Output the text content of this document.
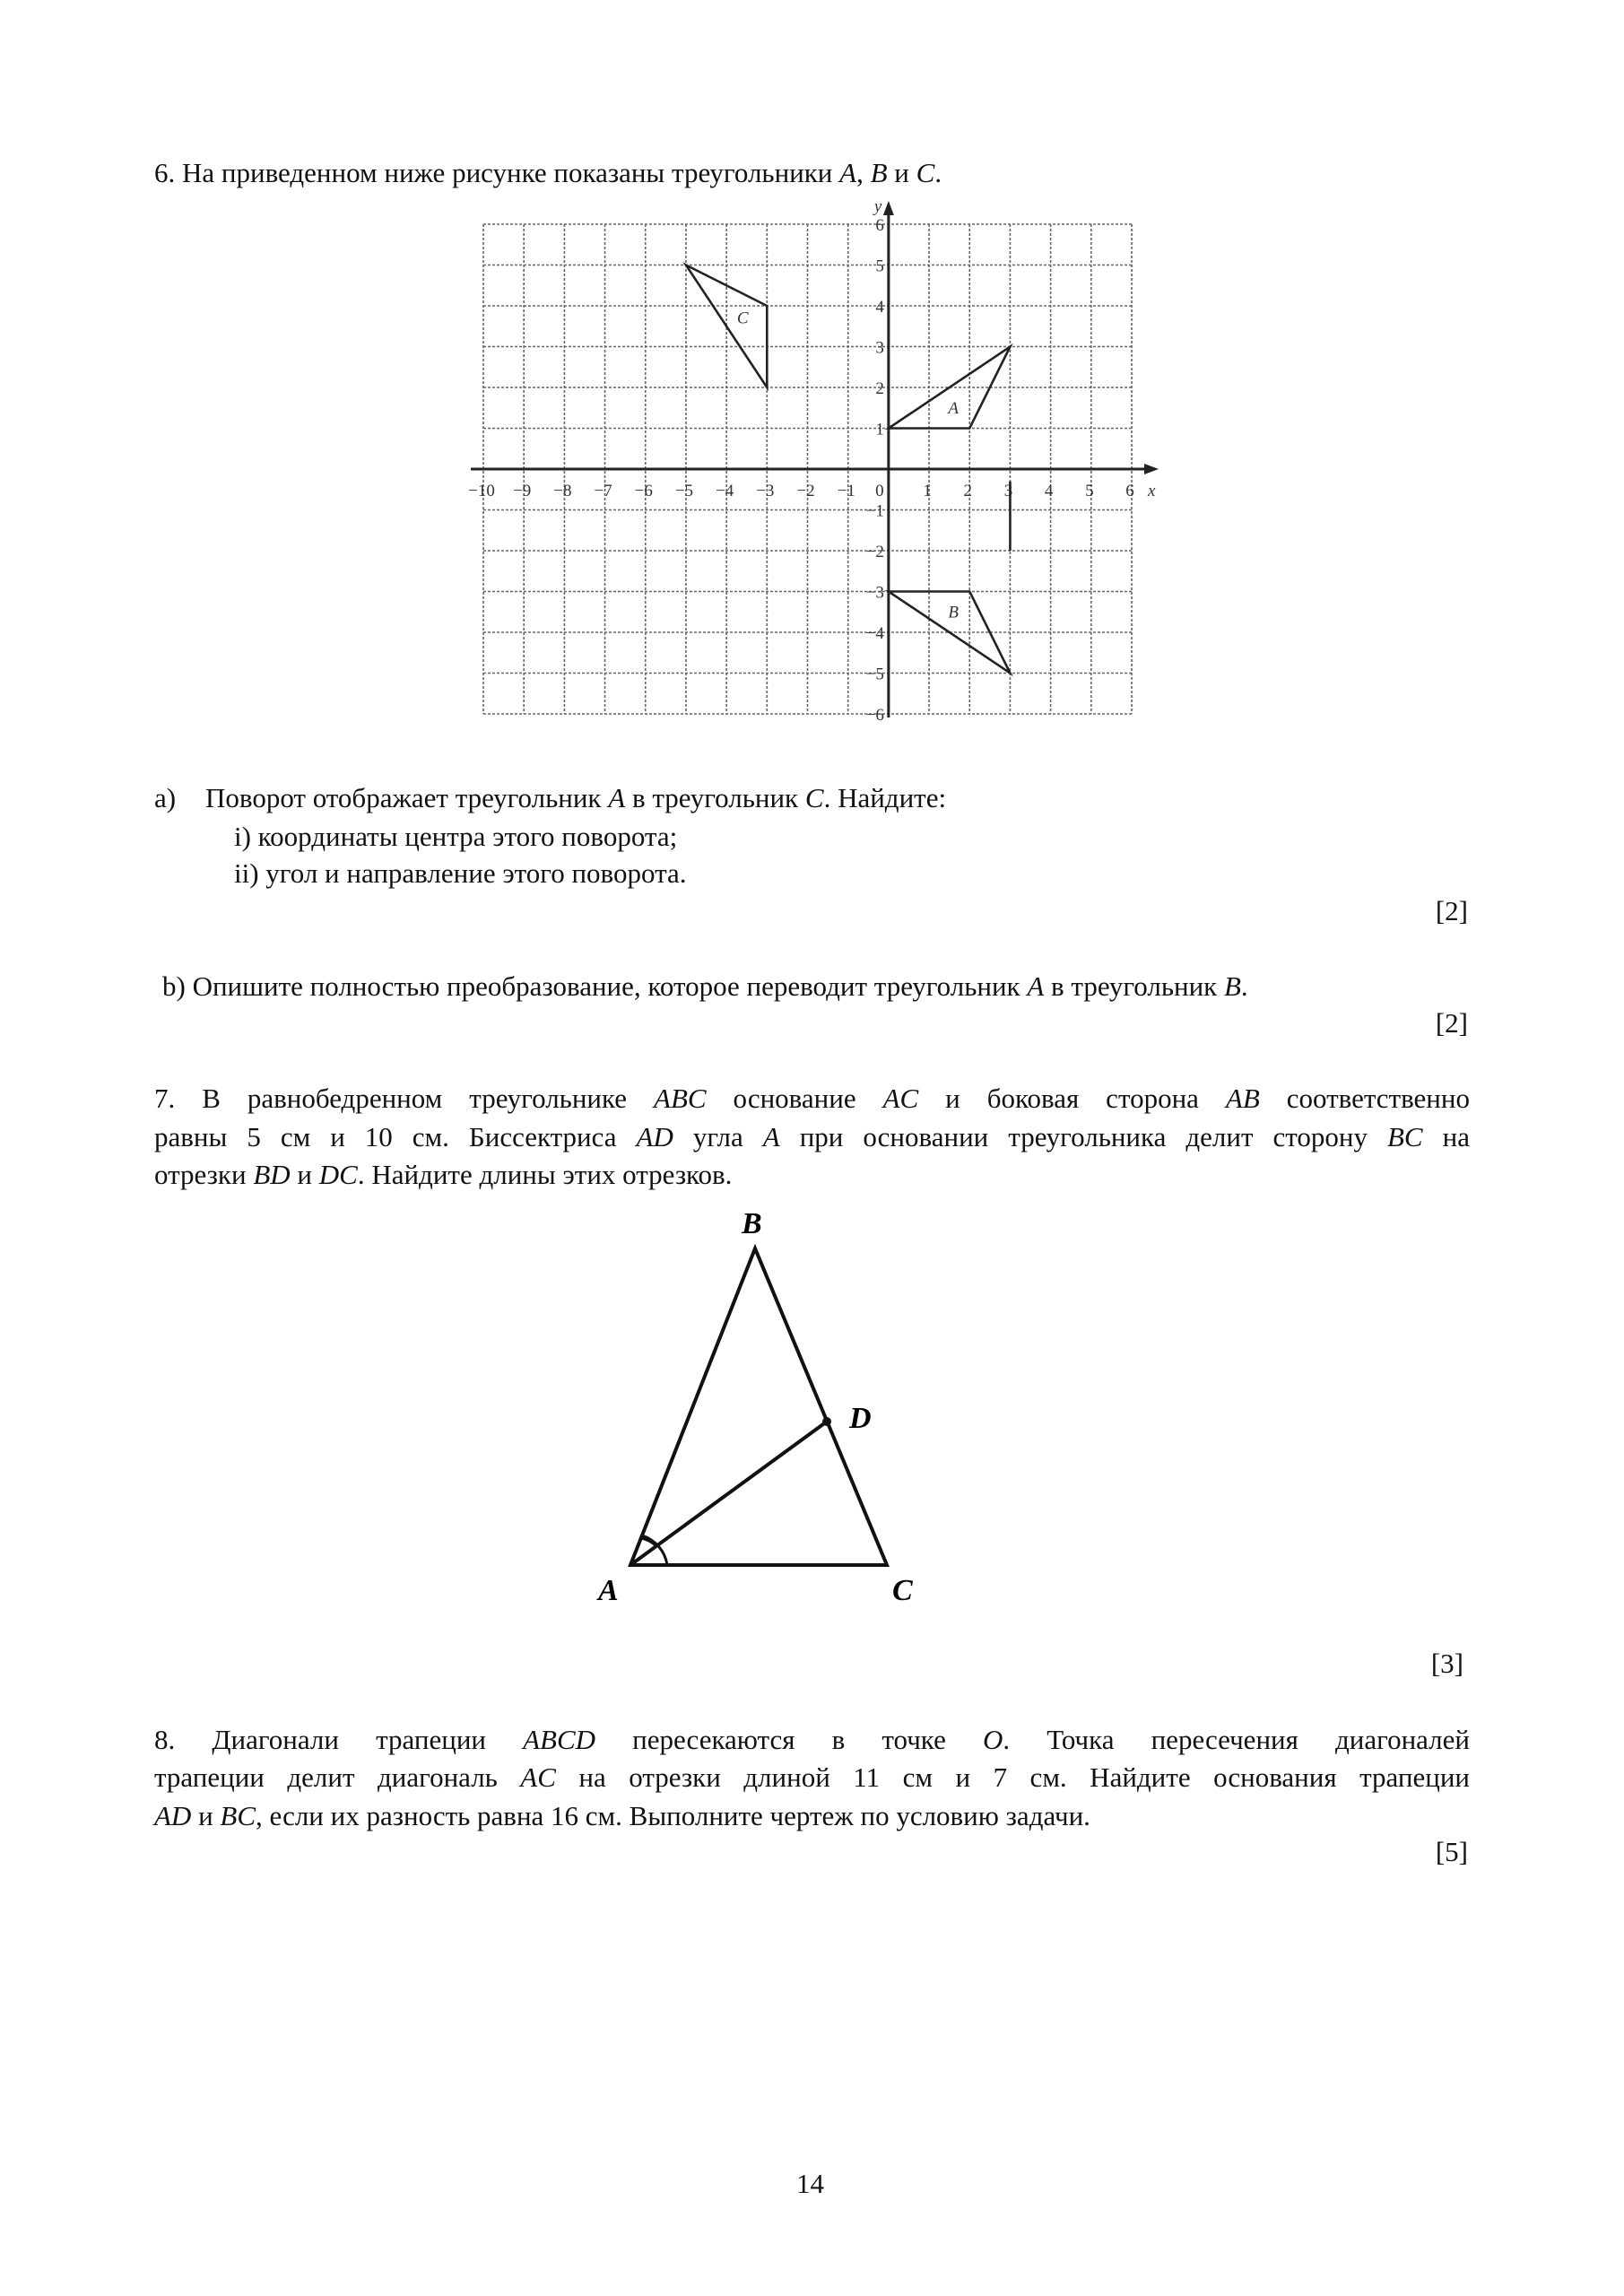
6. На приведенном ниже рисунке показаны треугольники A, B и C.
−10 −9 −8 −7 −6 −5 −4 −3 −2 −1 0 1 2 3 4 5 6
−6
−5
−4
−3
−2
−1
1
2
3
4
5
6
x
y
A
B
C
a) Поворот отображает треугольник A в треугольник C. Найдите:
i) координаты центра этого поворота;
ii) угол и направление этого поворота.
[2]
b) Опишите полностью преобразование, которое переводит треугольник A в треугольник B.
[2]
7. В равнобедренном треугольнике ABC основание AC и боковая сторона AB соответственно
равны 5 см и 10 см. Биссектриса AD угла A при основании треугольника делит сторону BC на
отрезки BD и DC. Найдите длины этих отрезков.
B
D
A	C
[3]
8. Диагонали трапеции ABCD пересекаются в точке O. Точка пересечения диагоналей
трапеции делит диагональ AC на отрезки длиной 11 см и 7 см. Найдите основания трапеции
AD и BC, если их разность равна 16 см. Выполните чертеж по условию задачи.
[5]
14
